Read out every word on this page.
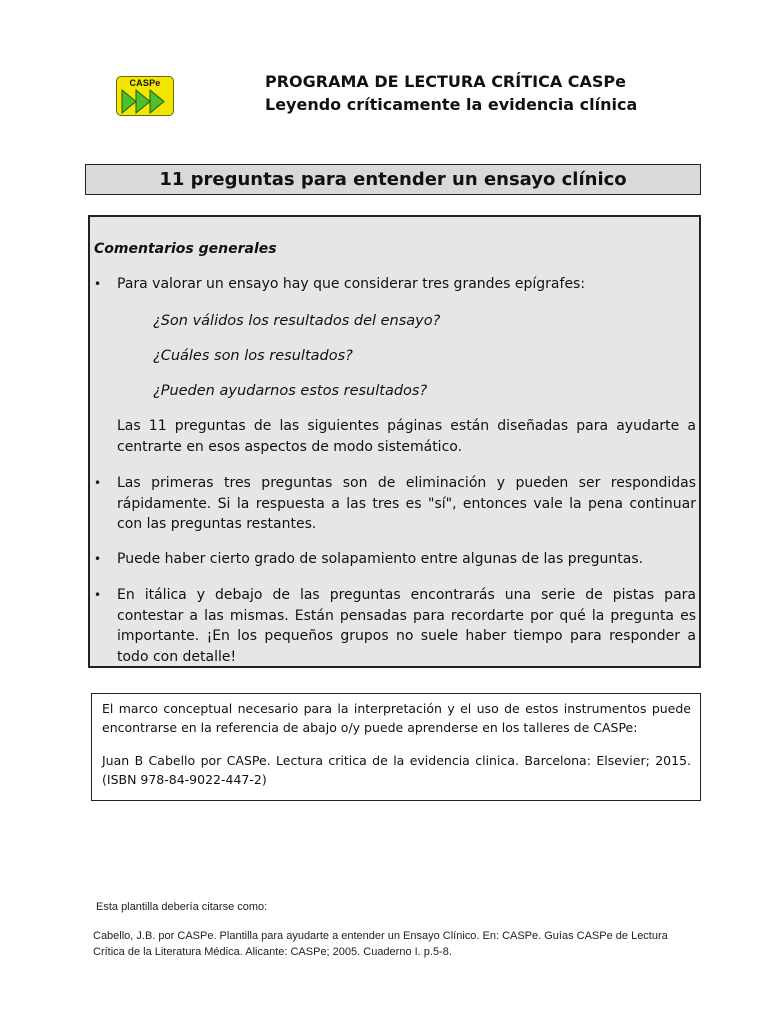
CASPe	PROGRAMA DE LECTURA CRÍTICA CASPe
Leyendo críticamente la evidencia clínica
11 preguntas para entender un ensayo clínico
Comentarios generales
• Para valorar un ensayo hay que considerar tres grandes epígrafes:
¿Son válidos los resultados del ensayo?
¿Cuáles son los resultados?
¿Pueden ayudarnos estos resultados?
Las 11 preguntas de las siguientes páginas están diseñadas para ayudarte a centrarte en esos aspectos de modo sistemático.
• Las primeras tres preguntas son de eliminación y pueden ser respondidas rápidamente. Si la respuesta a las tres es "sí", entonces vale la pena continuar con las preguntas restantes.
• Puede haber cierto grado de solapamiento entre algunas de las preguntas.
• En itálica y debajo de las preguntas encontrarás una serie de pistas para contestar a las mismas. Están pensadas para recordarte por qué la pregunta es importante. ¡En los pequeños grupos no suele haber tiempo para responder a todo con detalle!
El marco conceptual necesario para la interpretación y el uso de estos instrumentos puede encontrarse en la referencia de abajo o/y puede aprenderse en los talleres de CASPe:
Juan B Cabello por CASPe. Lectura critica de la evidencia clinica. Barcelona: Elsevier; 2015. (ISBN 978-84-9022-447-2)
Esta plantilla debería citarse como:
Cabello, J.B. por CASPe. Plantilla para ayudarte a entender un Ensayo Clínico. En: CASPe. Guías CASPe de Lectura Crítica de la Literatura Médica. Alicante: CASPe; 2005. Cuaderno I. p.5-8.
